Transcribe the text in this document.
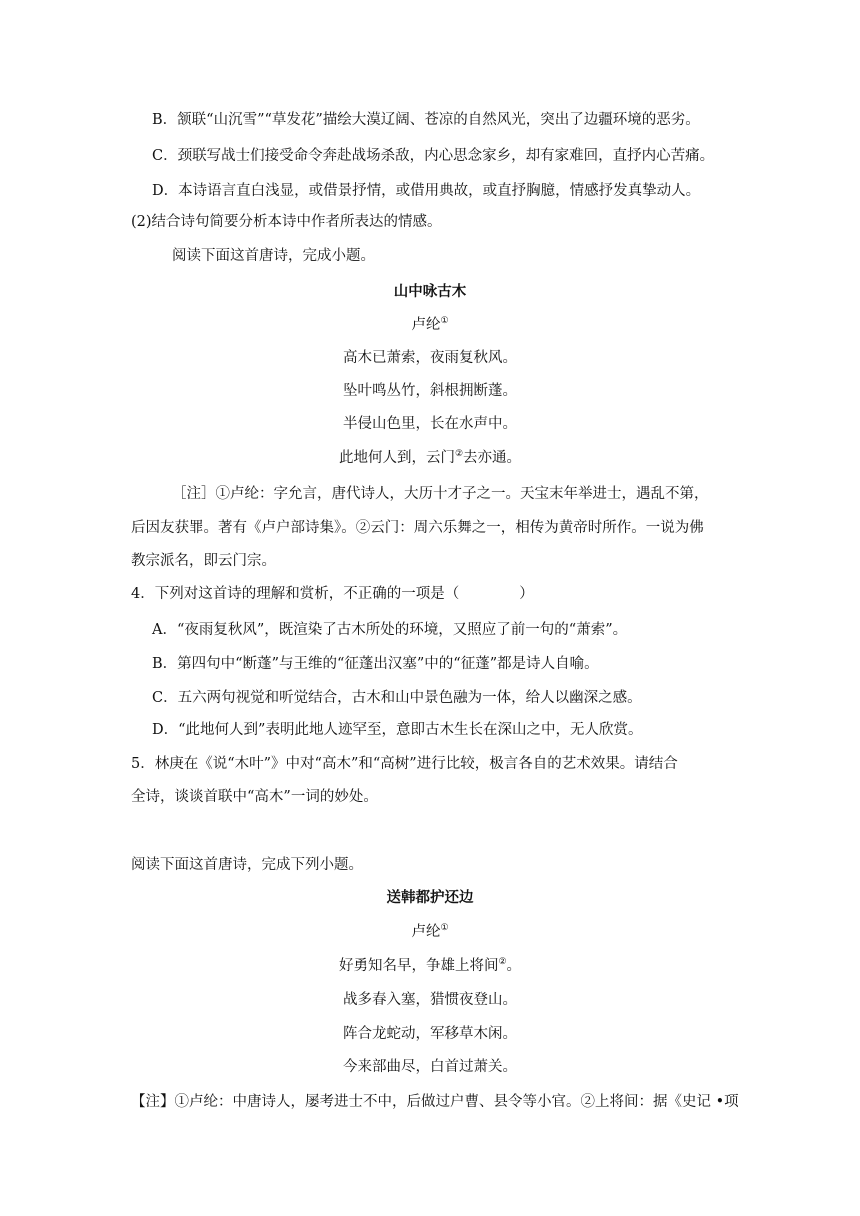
B．颔联“山沉雪”“草发花”描绘大漠辽阔、苍凉的自然风光，突出了边疆环境的恶劣。
C．颈联写战士们接受命令奔赴战场杀敌，内心思念家乡，却有家难回，直抒内心苦痛。
D．本诗语言直白浅显，或借景抒情，或借用典故，或直抒胸臆，情感抒发真挚动人。
(2)结合诗句简要分析本诗中作者所表达的情感。
阅读下面这首唐诗，完成小题。
山中咏古木
卢纶①
高木已萧索，夜雨复秋风。
坠叶鸣丛竹，斜根拥断蓬。
半侵山色里，长在水声中。
此地何人到，云门②去亦通。
［注］①卢纶：字允言，唐代诗人，大历十才子之一。天宝末年举进士，遇乱不第，
后因友获罪。著有《卢户部诗集》。②云门：周六乐舞之一，相传为黄帝时所作。一说为佛
教宗派名，即云门宗。
4．下列对这首诗的理解和赏析，不正确的一项是（	）
A．“夜雨复秋风”，既渲染了古木所处的环境，又照应了前一句的“萧索”。
B．第四句中“断蓬”与王维的“征蓬出汉塞”中的“征蓬”都是诗人自喻。
C．五六两句视觉和听觉结合，古木和山中景色融为一体，给人以幽深之感。
D．“此地何人到”表明此地人迹罕至，意即古木生长在深山之中，无人欣赏。
5．林庚在《说“木叶”》中对“高木”和“高树”进行比较，极言各自的艺术效果。请结合
全诗，谈谈首联中“高木”一词的妙处。
阅读下面这首唐诗，完成下列小题。
送韩都护还边
卢纶①
好勇知名早，争雄上将间②。
战多春入塞，猎惯夜登山。
阵合龙蛇动，军移草木闲。
今来部曲尽，白首过萧关。
【注】①卢纶：中唐诗人，屡考进士不中，后做过户曹、县令等小官。②上将间：据《史记 •项
